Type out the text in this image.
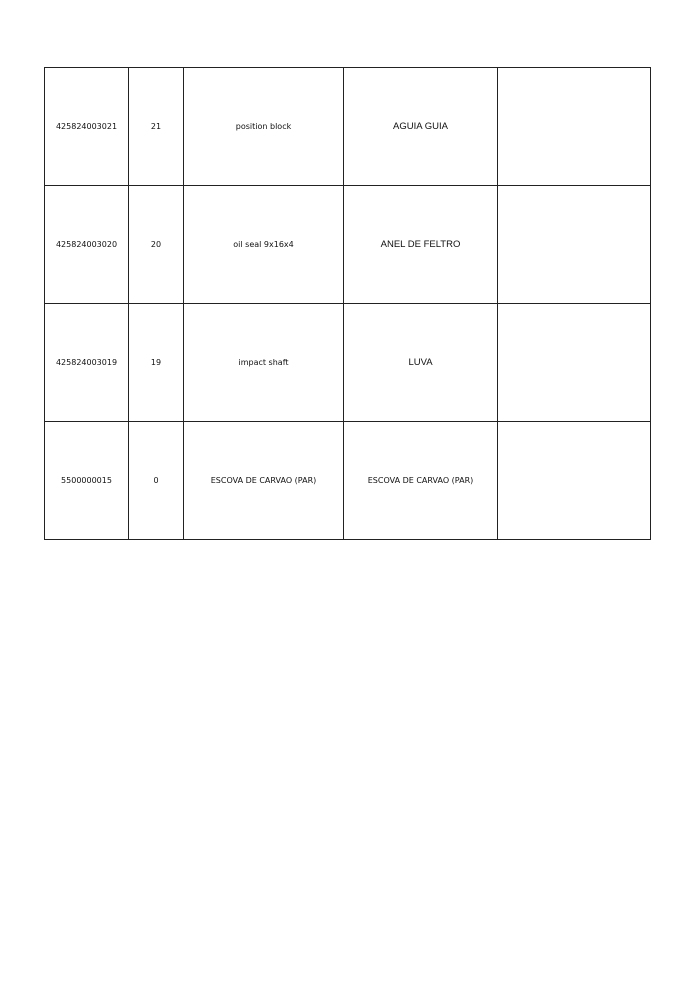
425824003021	21	position block	AGUIA GUIA	
425824003020	20	oil seal 9x16x4	ANEL DE FELTRO	
425824003019	19	impact shaft	LUVA	
5500000015	0	ESCOVA DE CARVAO (PAR)	ESCOVA DE CARVAO (PAR)	
